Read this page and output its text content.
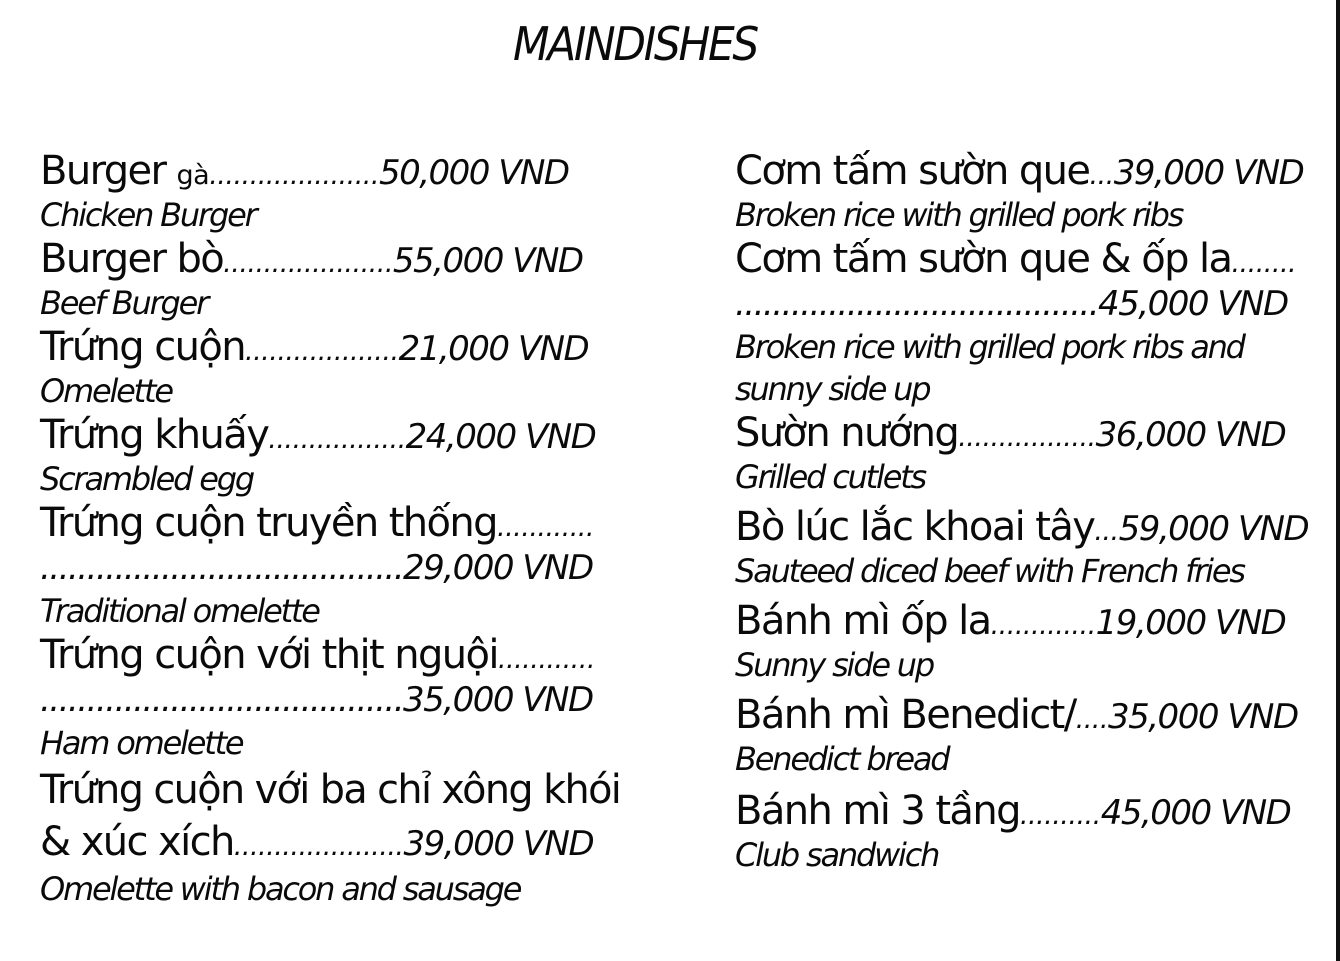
MAINDISHES
Burger gà.....................50,000 VND
Chicken Burger
Burger bò.....................55,000 VND
Beef Burger
Trứng cuộn...................21,000 VND
Omelette
Trứng khuấy.................24,000 VND
Scrambled egg
Trứng cuộn truyền thống............
.......................................29,000 VND
Traditional omelette
Trứng cuộn với thịt nguội............
.......................................35,000 VND
Ham omelette
Trứng cuộn với ba chỉ xông khói
& xúc xích.....................39,000 VND
Omelette with bacon and sausage
Cơm tấm sườn que...39,000 VND
Broken rice with grilled pork ribs
Cơm tấm sườn que & ốp la........
.......................................45,000 VND
Broken rice with grilled pork ribs and
sunny side up
Sườn nướng.................36,000 VND
Grilled cutlets
Bò lúc lắc khoai tây...59,000 VND
Sauteed diced beef with French fries
Bánh mì ốp la.............19,000 VND
Sunny side up
Bánh mì Benedict/....35,000 VND
Benedict bread
Bánh mì 3 tầng..........45,000 VND
Club sandwich
